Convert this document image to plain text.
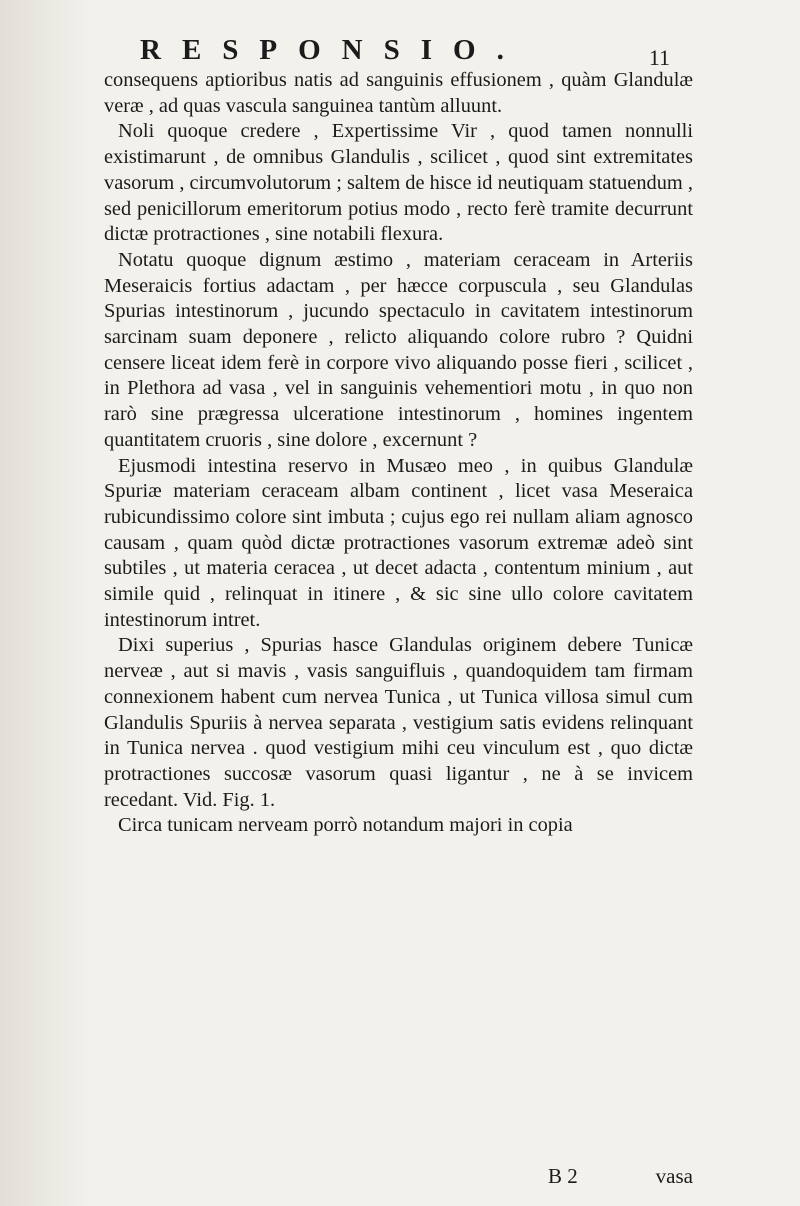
RESPONSIO.	11

consequens aptioribus natis ad sanguinis effusionem , quàm Glandulæ veræ , ad quas vascula sanguinea tantùm alluunt.

Noli quoque credere , Expertissime Vir , quod tamen nonnulli existimarunt , de omnibus Glandulis , scilicet , quod sint extremitates vasorum , circumvolutorum ; saltem de hisce id neutiquam statuendum , sed penicillorum emeritorum potius modo , recto ferè tramite decurrunt dictæ protractiones , sine notabili flexura.

Notatu quoque dignum æstimo , materiam ceraceam in Arteriis Meseraicis fortius adactam , per hæcce corpuscula , seu Glandulas Spurias intestinorum , jucundo spectaculo in cavitatem intestinorum sarcinam suam deponere , relicto aliquando colore rubro ? Quidni censere liceat idem ferè in corpore vivo aliquando posse fieri , scilicet , in Plethora ad vasa , vel in sanguinis vehementiori motu , in quo non rarò sine prægressa ulceratione intestinorum , homines ingentem quantitatem cruoris , sine dolore , excernunt ?

Ejusmodi intestina reservo in Musæo meo , in quibus Glandulæ Spuriæ materiam ceraceam albam continent , licet vasa Meseraica rubicundissimo colore sint imbuta ; cujus ego rei nullam aliam agnosco causam , quam quòd dictæ protractiones vasorum extremæ adeò sint subtiles , ut materia ceracea , ut decet adacta , contentum minium , aut simile quid , relinquat in itinere , & sic sine ullo colore cavitatem intestinorum intret.

Dixi superius , Spurias hasce Glandulas originem debere Tunicæ nerveæ , aut si mavis , vasis sanguifluis , quandoquidem tam firmam connexionem habent cum nervea Tunica , ut Tunica villosa simul cum Glandulis Spuriis à nervea separata , vestigium satis evidens relinquant in Tunica nervea . quod vestigium mihi ceu vinculum est , quo dictæ protractiones succosæ vasorum quasi ligantur , ne à se invicem recedant. Vid. Fig. 1.

Circa tunicam nerveam porrò notandum majori in copia

B 2	vasa
